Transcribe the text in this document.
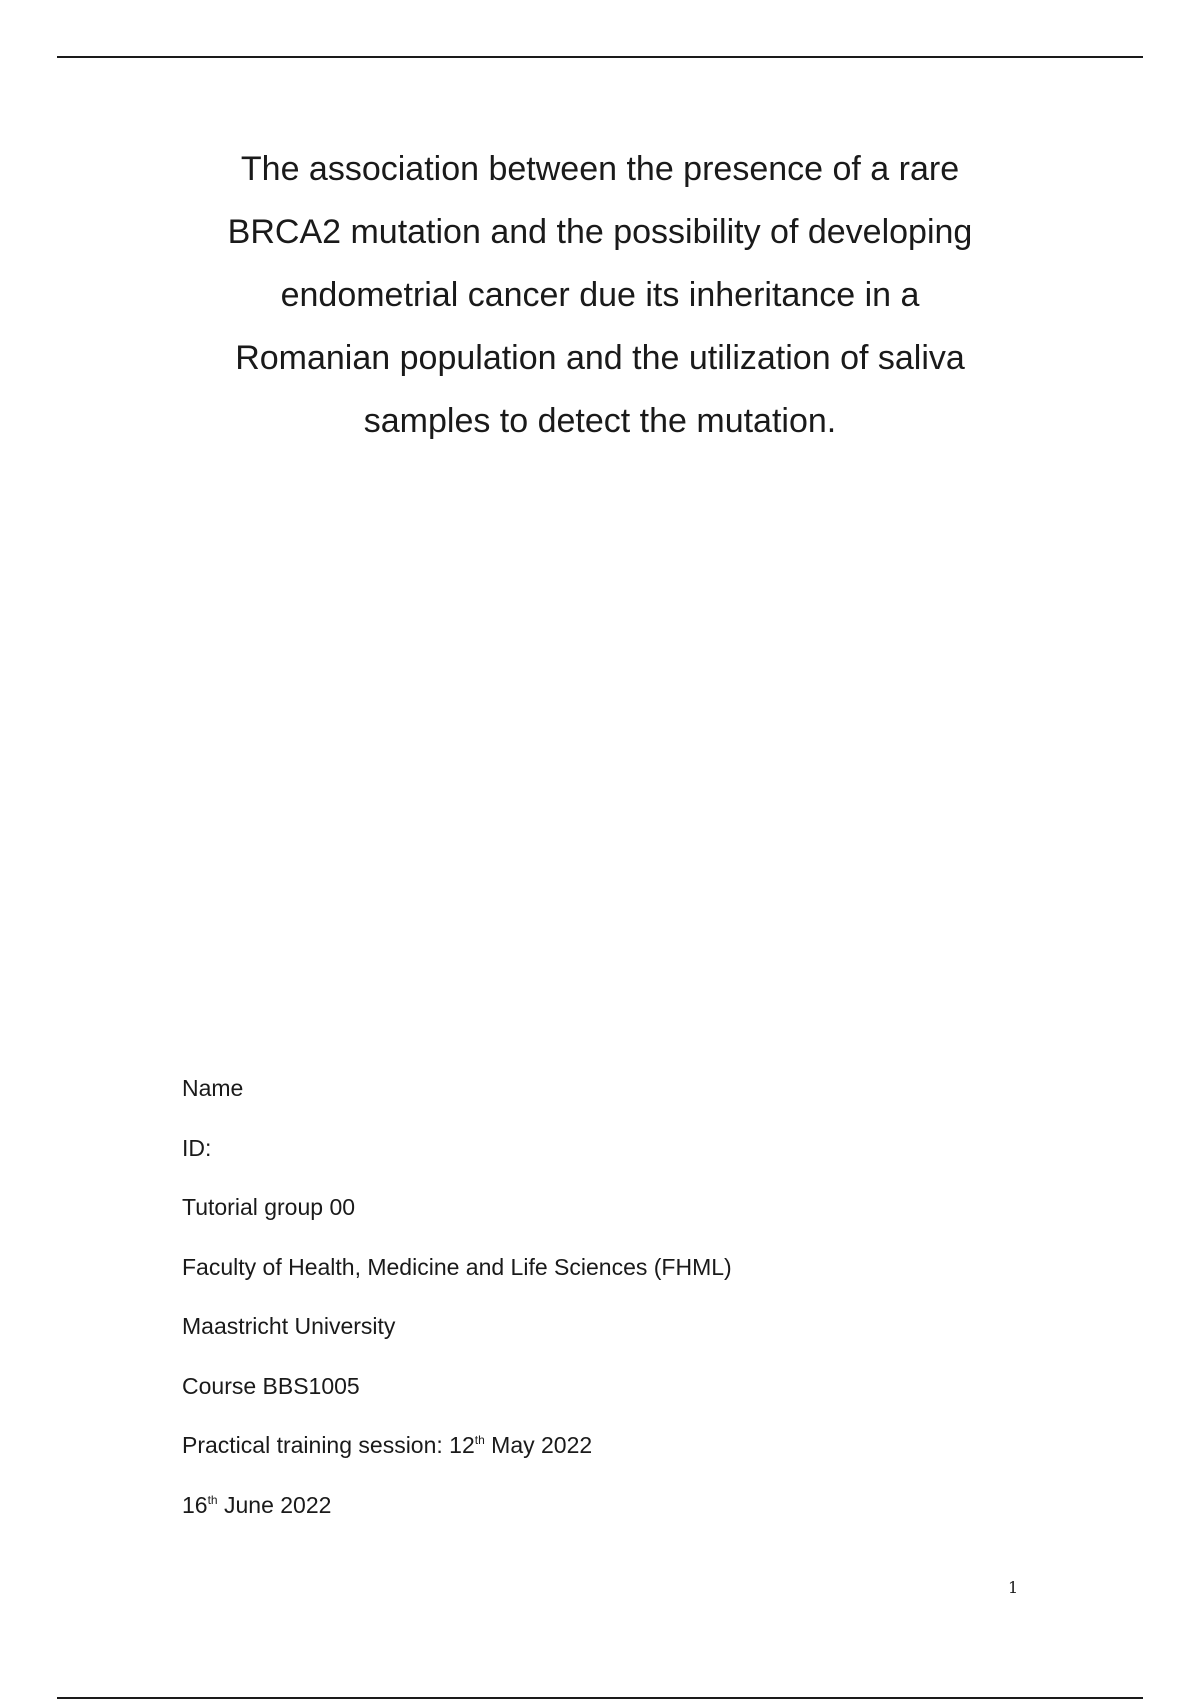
The association between the presence of a rare
BRCA2 mutation and the possibility of developing
endometrial cancer due its inheritance in a
Romanian population and the utilization of saliva
samples to detect the mutation.
Name
ID:
Tutorial group 00
Faculty of Health, Medicine and Life Sciences (FHML)
Maastricht University
Course BBS1005
Practical training session: 12th May 2022
16th June 2022
1
